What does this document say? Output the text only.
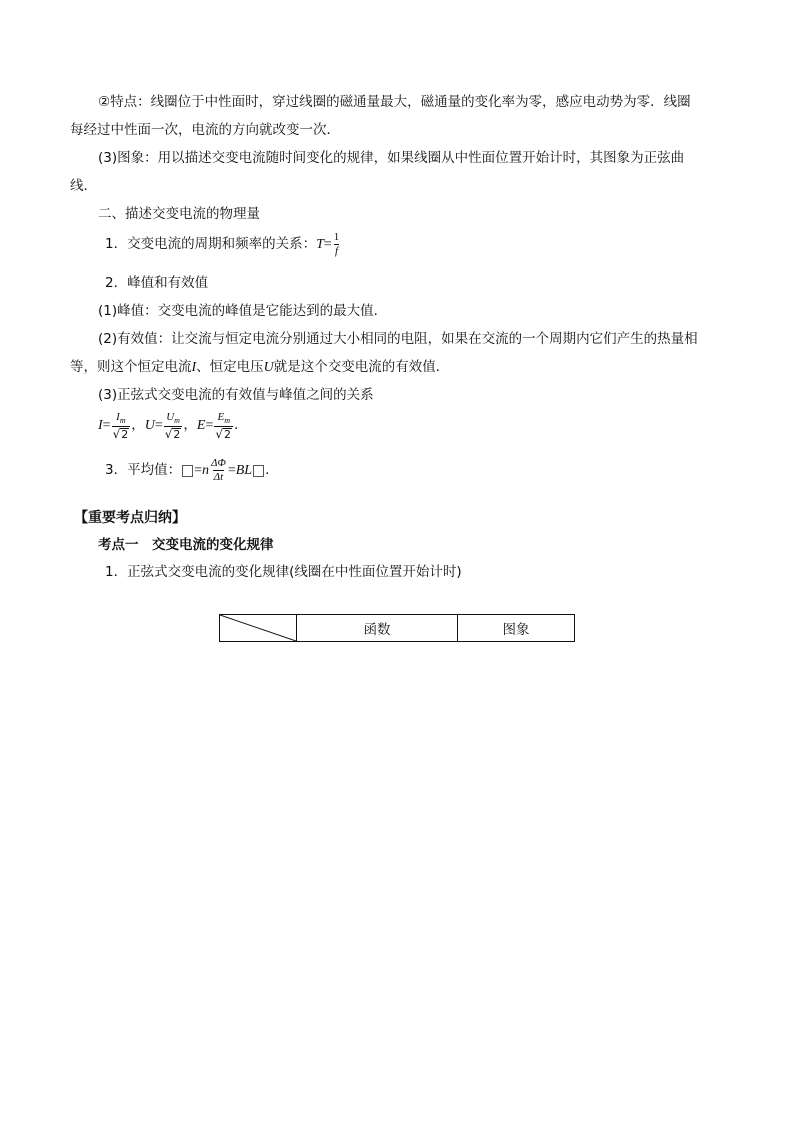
②特点：线圈位于中性面时，穿过线圈的磁通量最大，磁通量的变化率为零，感应电动势为零．线圈
每经过中性面一次，电流的方向就改变一次．
(3)图象：用以描述交变电流随时间变化的规律，如果线圈从中性面位置开始计时，其图象为正弦曲
线．
二、描述交变电流的物理量
1．交变电流的周期和频率的关系： $T = \frac{1}{f}$
2．峰值和有效值
(1)峰值：交变电流的峰值是它能达到的最大值．
(2)有效值：让交流与恒定电流分别通过大小相同的电阻，如果在交流的一个周期内它们产生的热量相
等，则这个恒定电流I、恒定电压U就是这个交变电流的有效值．
(3)正弦式交变电流的有效值与峰值之间的关系
$I = \frac{I_m}{√ 2}$ ， $U = \frac{U_m}{√ 2}$ ， $E = \frac{E_m}{√ 2}$ .
3．平均值： = n $\frac{\Delta\Phi}{\Delta t}$ = BL .
【重要考点归纳】
考点一　交变电流的变化规律
1．正弦式交变电流的变化规律(线圈在中性面位置开始计时)
	函数	图象
